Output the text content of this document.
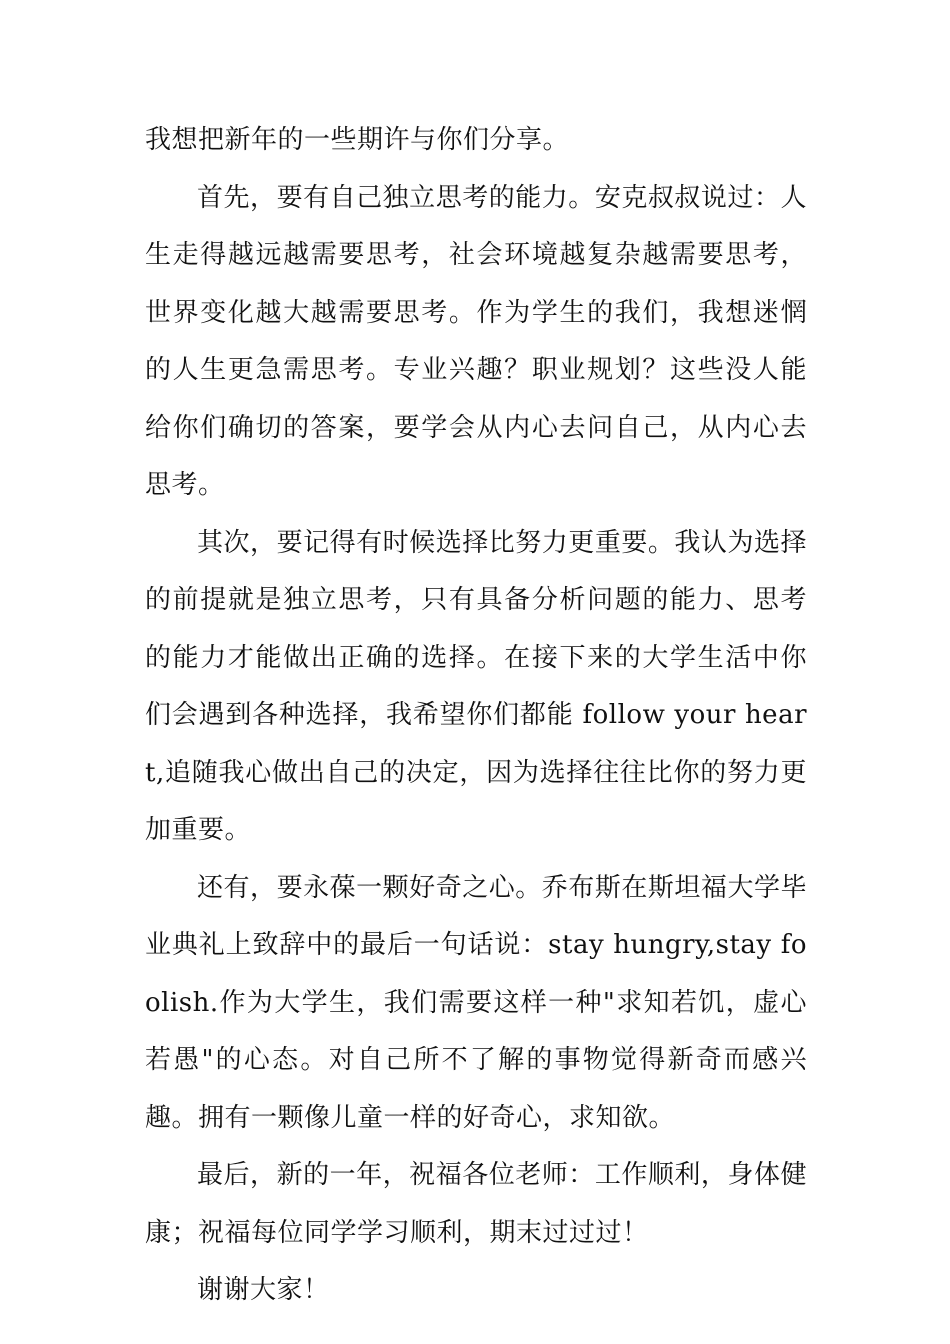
我想把新年的一些期许与你们分享。

首先，要有自己独立思考的能力。安克叔叔说过：人生走得越远越需要思考，社会环境越复杂越需要思考，世界变化越大越需要思考。作为学生的我们，我想迷惘的人生更急需思考。专业兴趣？职业规划？这些没人能给你们确切的答案，要学会从内心去问自己，从内心去思考。

其次，要记得有时候选择比努力更重要。我认为选择的前提就是独立思考，只有具备分析问题的能力、思考的能力才能做出正确的选择。在接下来的大学生活中你们会遇到各种选择，我希望你们都能 follow your heart,追随我心做出自己的决定，因为选择往往比你的努力更加重要。

还有，要永葆一颗好奇之心。乔布斯在斯坦福大学毕业典礼上致辞中的最后一句话说：stay hungry,stay foolish.作为大学生，我们需要这样一种"求知若饥，虚心若愚"的心态。对自己所不了解的事物觉得新奇而感兴趣。拥有一颗像儿童一样的好奇心，求知欲。

最后，新的一年，祝福各位老师：工作顺利，身体健康；祝福每位同学学习顺利，期末过过过！

谢谢大家！
